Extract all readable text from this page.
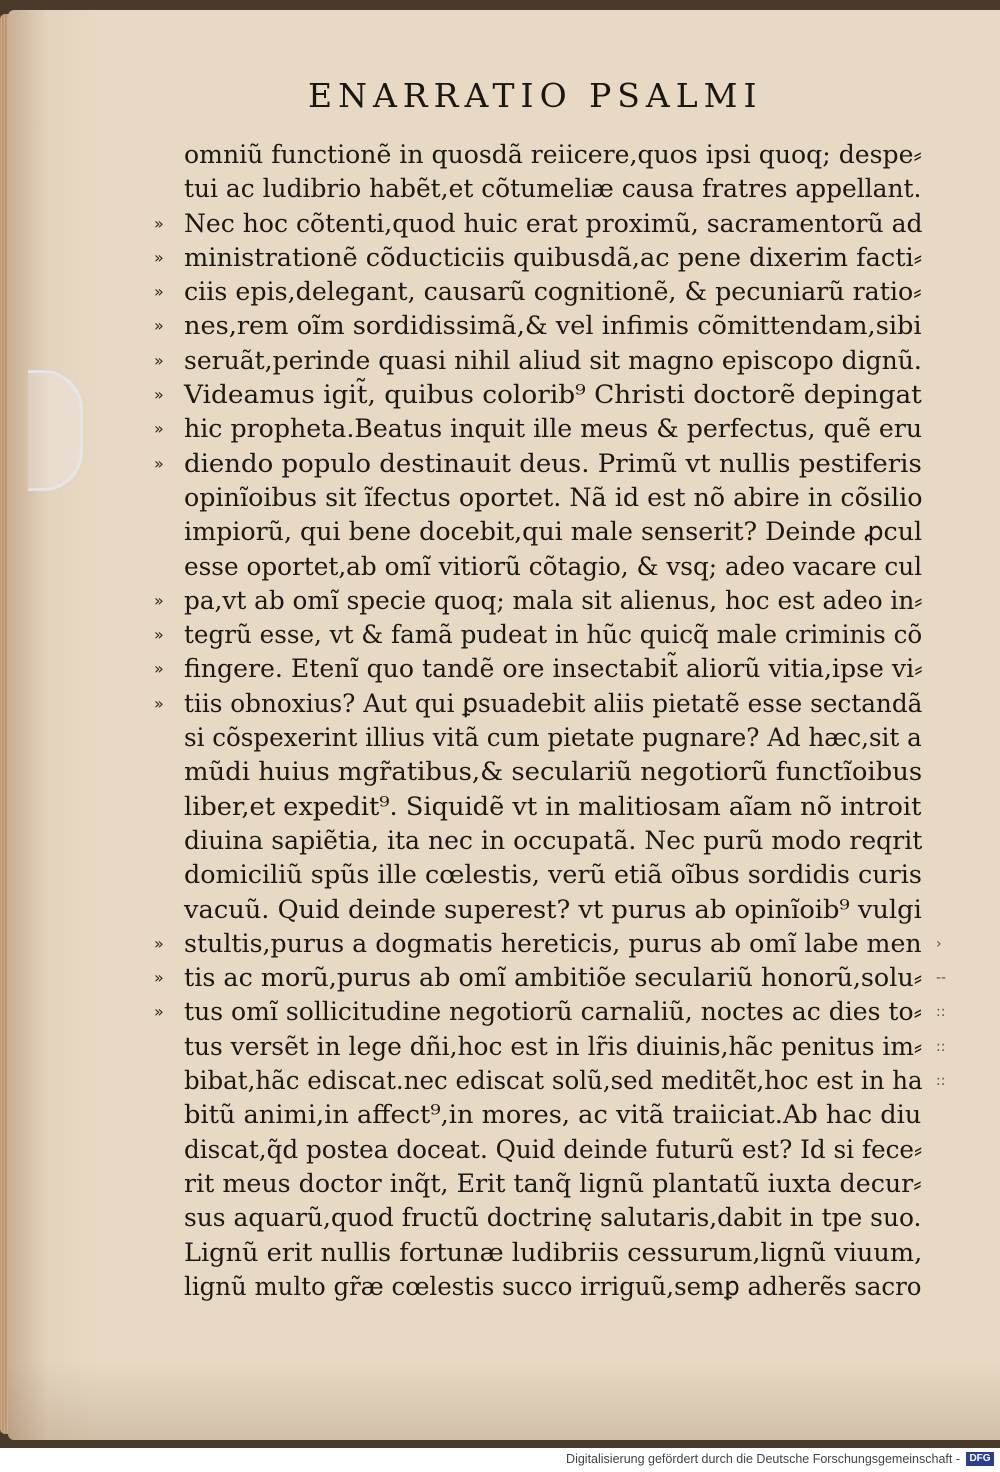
ENARRATIO PSALMI
omniũ functionẽ in quosdã reiicere,quos ipsi quoq; despe⸗
tui ac ludibrio habẽt,et cõtumeliæ causa fratres appellant.
» Nec hoc cõtenti,quod huic erat proximũ, sacramentorũ ad
» ministrationẽ cõducticiis quibusdã,ac pene dixerim facti⸗
» ciis epis,delegant, causarũ cognitionẽ, & pecuniarũ ratio⸗
» nes,rem oĩm sordidissimã,& vel infimis cõmittendam,sibi
» seruãt,perinde quasi nihil aliud sit magno episcopo dignũ.
» Videamus igit̃, quibus colorib⁹ Christi doctorẽ depingat
» hic propheta.Beatus inquit ille meus & perfectus, quẽ eru
» diendo populo destinauit deus. Primũ vt nullis pestiferis
opinĩoibus sit ĩfectus oportet. Nã id est nõ abire in cõsilio
impiorũ, qui bene docebit,qui male senserit? Deinde ꝓcul
esse oportet,ab omĩ vitiorũ cõtagio, & vsq; adeo vacare cul
» pa,vt ab omĩ specie quoq; mala sit alienus, hoc est adeo in⸗
» tegrũ esse, vt & famã pudeat in hũc quicq̃ male criminis cõ
» fingere. Etenĩ quo tandẽ ore insectabit̃ aliorũ vitia,ipse vi⸗
» tiis obnoxius? Aut qui ꝑsuadebit aliis pietatẽ esse sectandã
si cõspexerint illius vitã cum pietate pugnare? Ad hæc,sit a
mũdi huius mgr̃atibus,& seculariũ negotiorũ functĩoibus
liber,et expedit⁹. Siquidẽ vt in malitiosam aĩam nõ introit
diuina sapiẽtia, ita nec in occupatã. Nec purũ modo reqrit
domiciliũ spũs ille cœlestis, verũ etiã oĩbus sordidis curis
vacuũ. Quid deinde superest? vt purus ab opinĩoib⁹ vulgi
» stultis,purus a dogmatis hereticis, purus ab omĩ labe men ›
» tis ac morũ,purus ab omĩ ambitiõe seculariũ honorũ,solu⸗ --
» tus omĩ sollicitudine negotiorũ carnaliũ, noctes ac dies to⸗ ::
tus versẽt in lege dñi,hoc est in lr̃is diuinis,hãc penitus im⸗ ::
bibat,hãc ediscat.nec ediscat solũ,sed meditẽt,hoc est in ha ::
bitũ animi,in affect⁹,in mores, ac vitã traiiciat.Ab hac diu
discat,q̃d postea doceat. Quid deinde futurũ est? Id si fece⸗
rit meus doctor inq̃t, Erit tanq̃ lignũ plantatũ iuxta decur⸗
sus aquarũ,quod fructũ doctrinę salutaris,dabit in tpe suo.
Lignũ erit nullis fortunæ ludibriis cessurum,lignũ viuum,
lignũ multo gr̃æ cœlestis succo irriguũ,semꝑ adherẽs sacro
Digitalisierung gefördert durch die Deutsche Forschungsgemeinschaft - DFG
